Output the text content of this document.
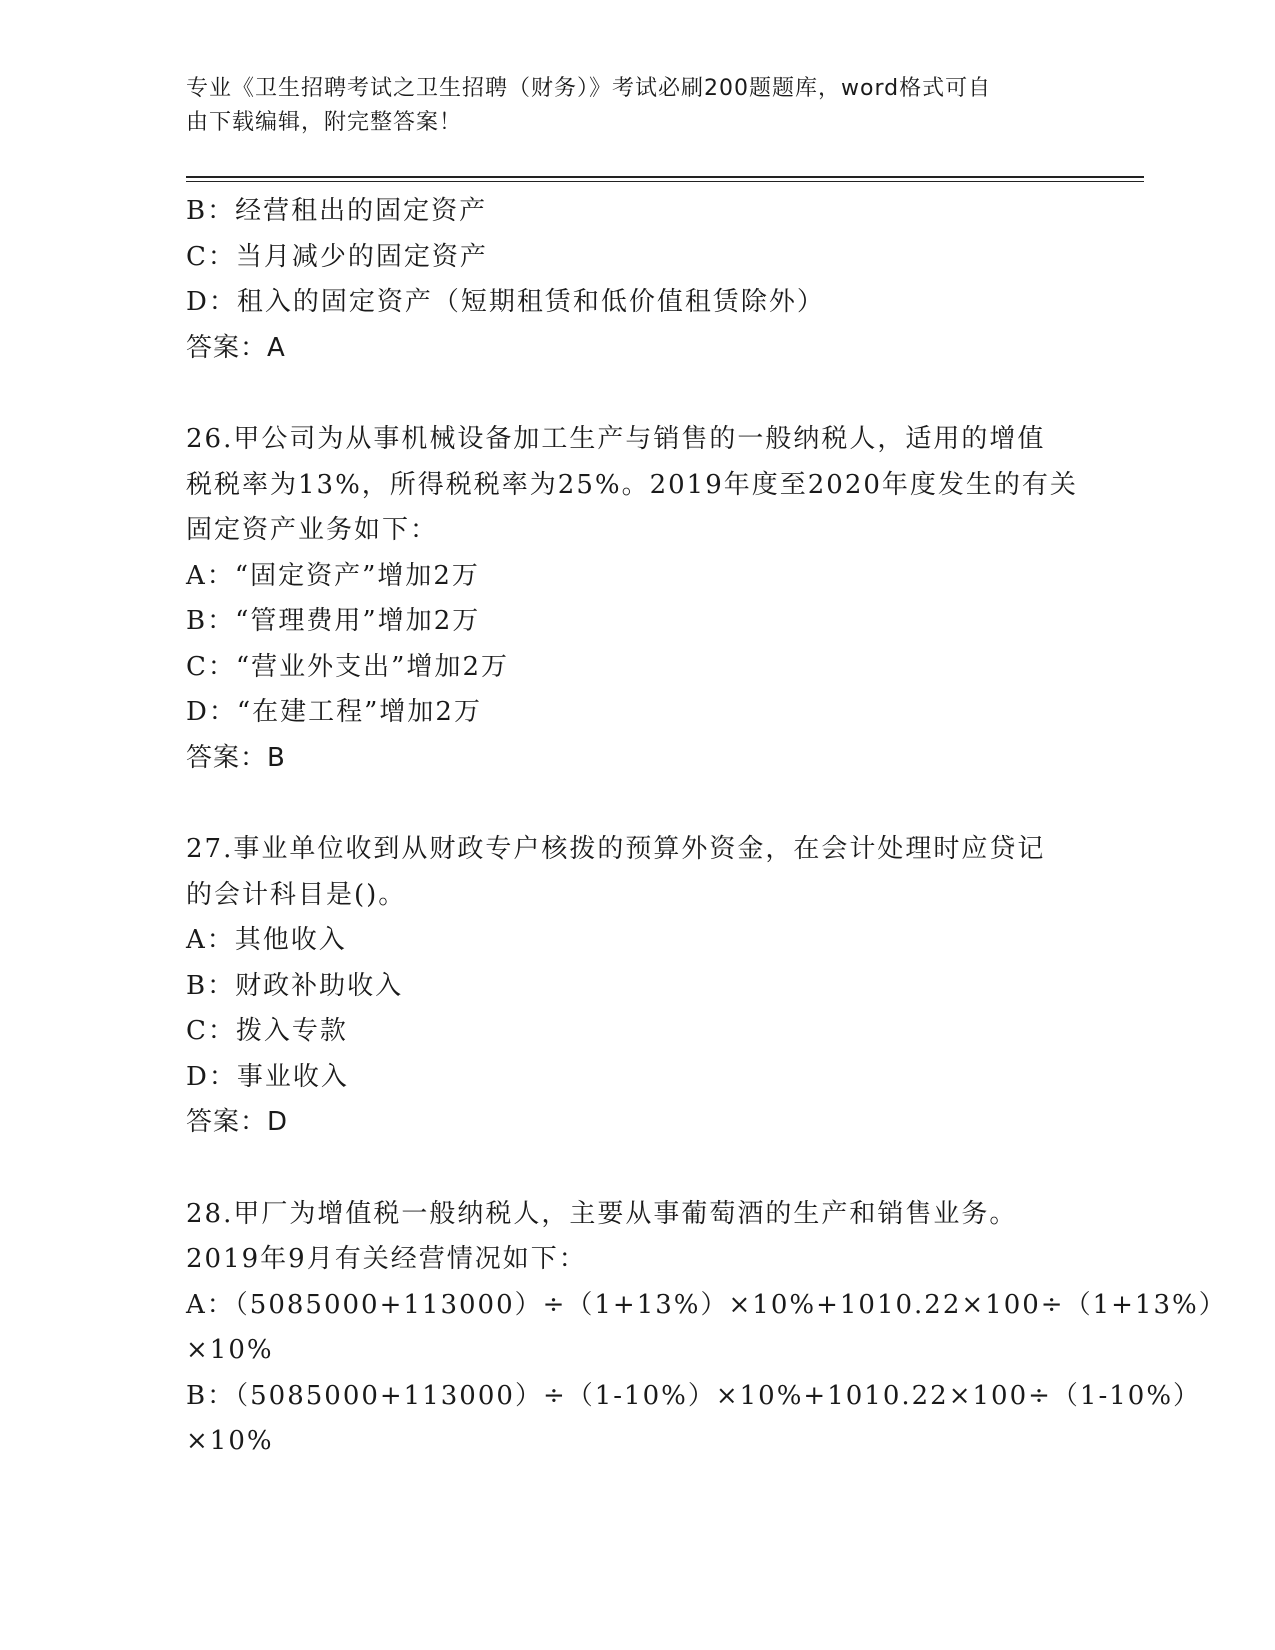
专业《卫生招聘考试之卫生招聘（财务）》考试必刷200题题库，word格式可自
由下载编辑，附完整答案！
B：经营租出的固定资产
C：当月减少的固定资产
D：租入的固定资产（短期租赁和低价值租赁除外）
答案：A
26.甲公司为从事机械设备加工生产与销售的一般纳税人，适用的增值
税税率为13%，所得税税率为25%。2019年度至2020年度发生的有关
固定资产业务如下：
A：“固定资产”增加2万
B：“管理费用”增加2万
C：“营业外支出”增加2万
D：“在建工程”增加2万
答案：B
27.事业单位收到从财政专户核拨的预算外资金，在会计处理时应贷记
的会计科目是()。
A：其他收入
B：财政补助收入
C：拨入专款
D：事业收入
答案：D
28.甲厂为增值税一般纳税人，主要从事葡萄酒的生产和销售业务。
2019年9月有关经营情况如下：
A：（5085000+113000）÷（1+13%）×10%+1010.22×100÷（1+13%）
×10%
B：（5085000+113000）÷（1-10%）×10%+1010.22×100÷（1-10%）
×10%
